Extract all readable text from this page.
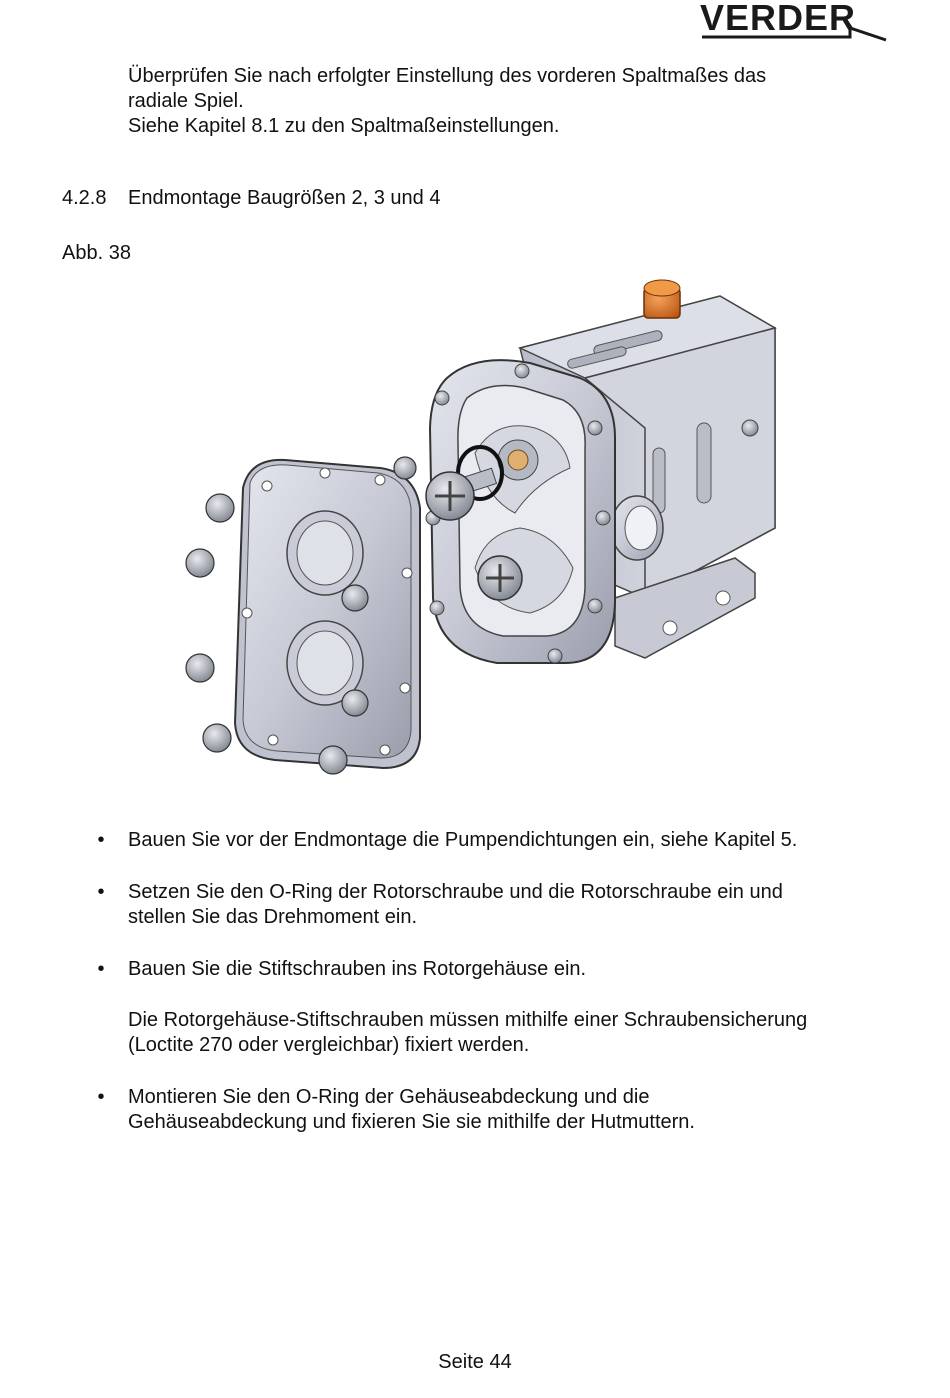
VERDER

Überprüfen Sie nach erfolgter Einstellung des vorderen Spaltmaßes das
radiale Spiel.
Siehe Kapitel 8.1 zu den Spaltmaßeinstellungen.

4.2.8 Endmontage Baugrößen 2, 3 und 4

Abb. 38

•	Bauen Sie vor der Endmontage die Pumpendichtungen ein, siehe Kapitel 5.
•	Setzen Sie den O-Ring der Rotorschraube und die Rotorschraube ein und
stellen Sie das Drehmoment ein.
•	Bauen Sie die Stiftschrauben ins Rotorgehäuse ein.

Die Rotorgehäuse-Stiftschrauben müssen mithilfe einer Schraubensicherung
(Loctite 270 oder vergleichbar) fixiert werden.

•	Montieren Sie den O-Ring der Gehäuseabdeckung und die
Gehäuseabdeckung und fixieren Sie sie mithilfe der Hutmuttern.
Seite 44
